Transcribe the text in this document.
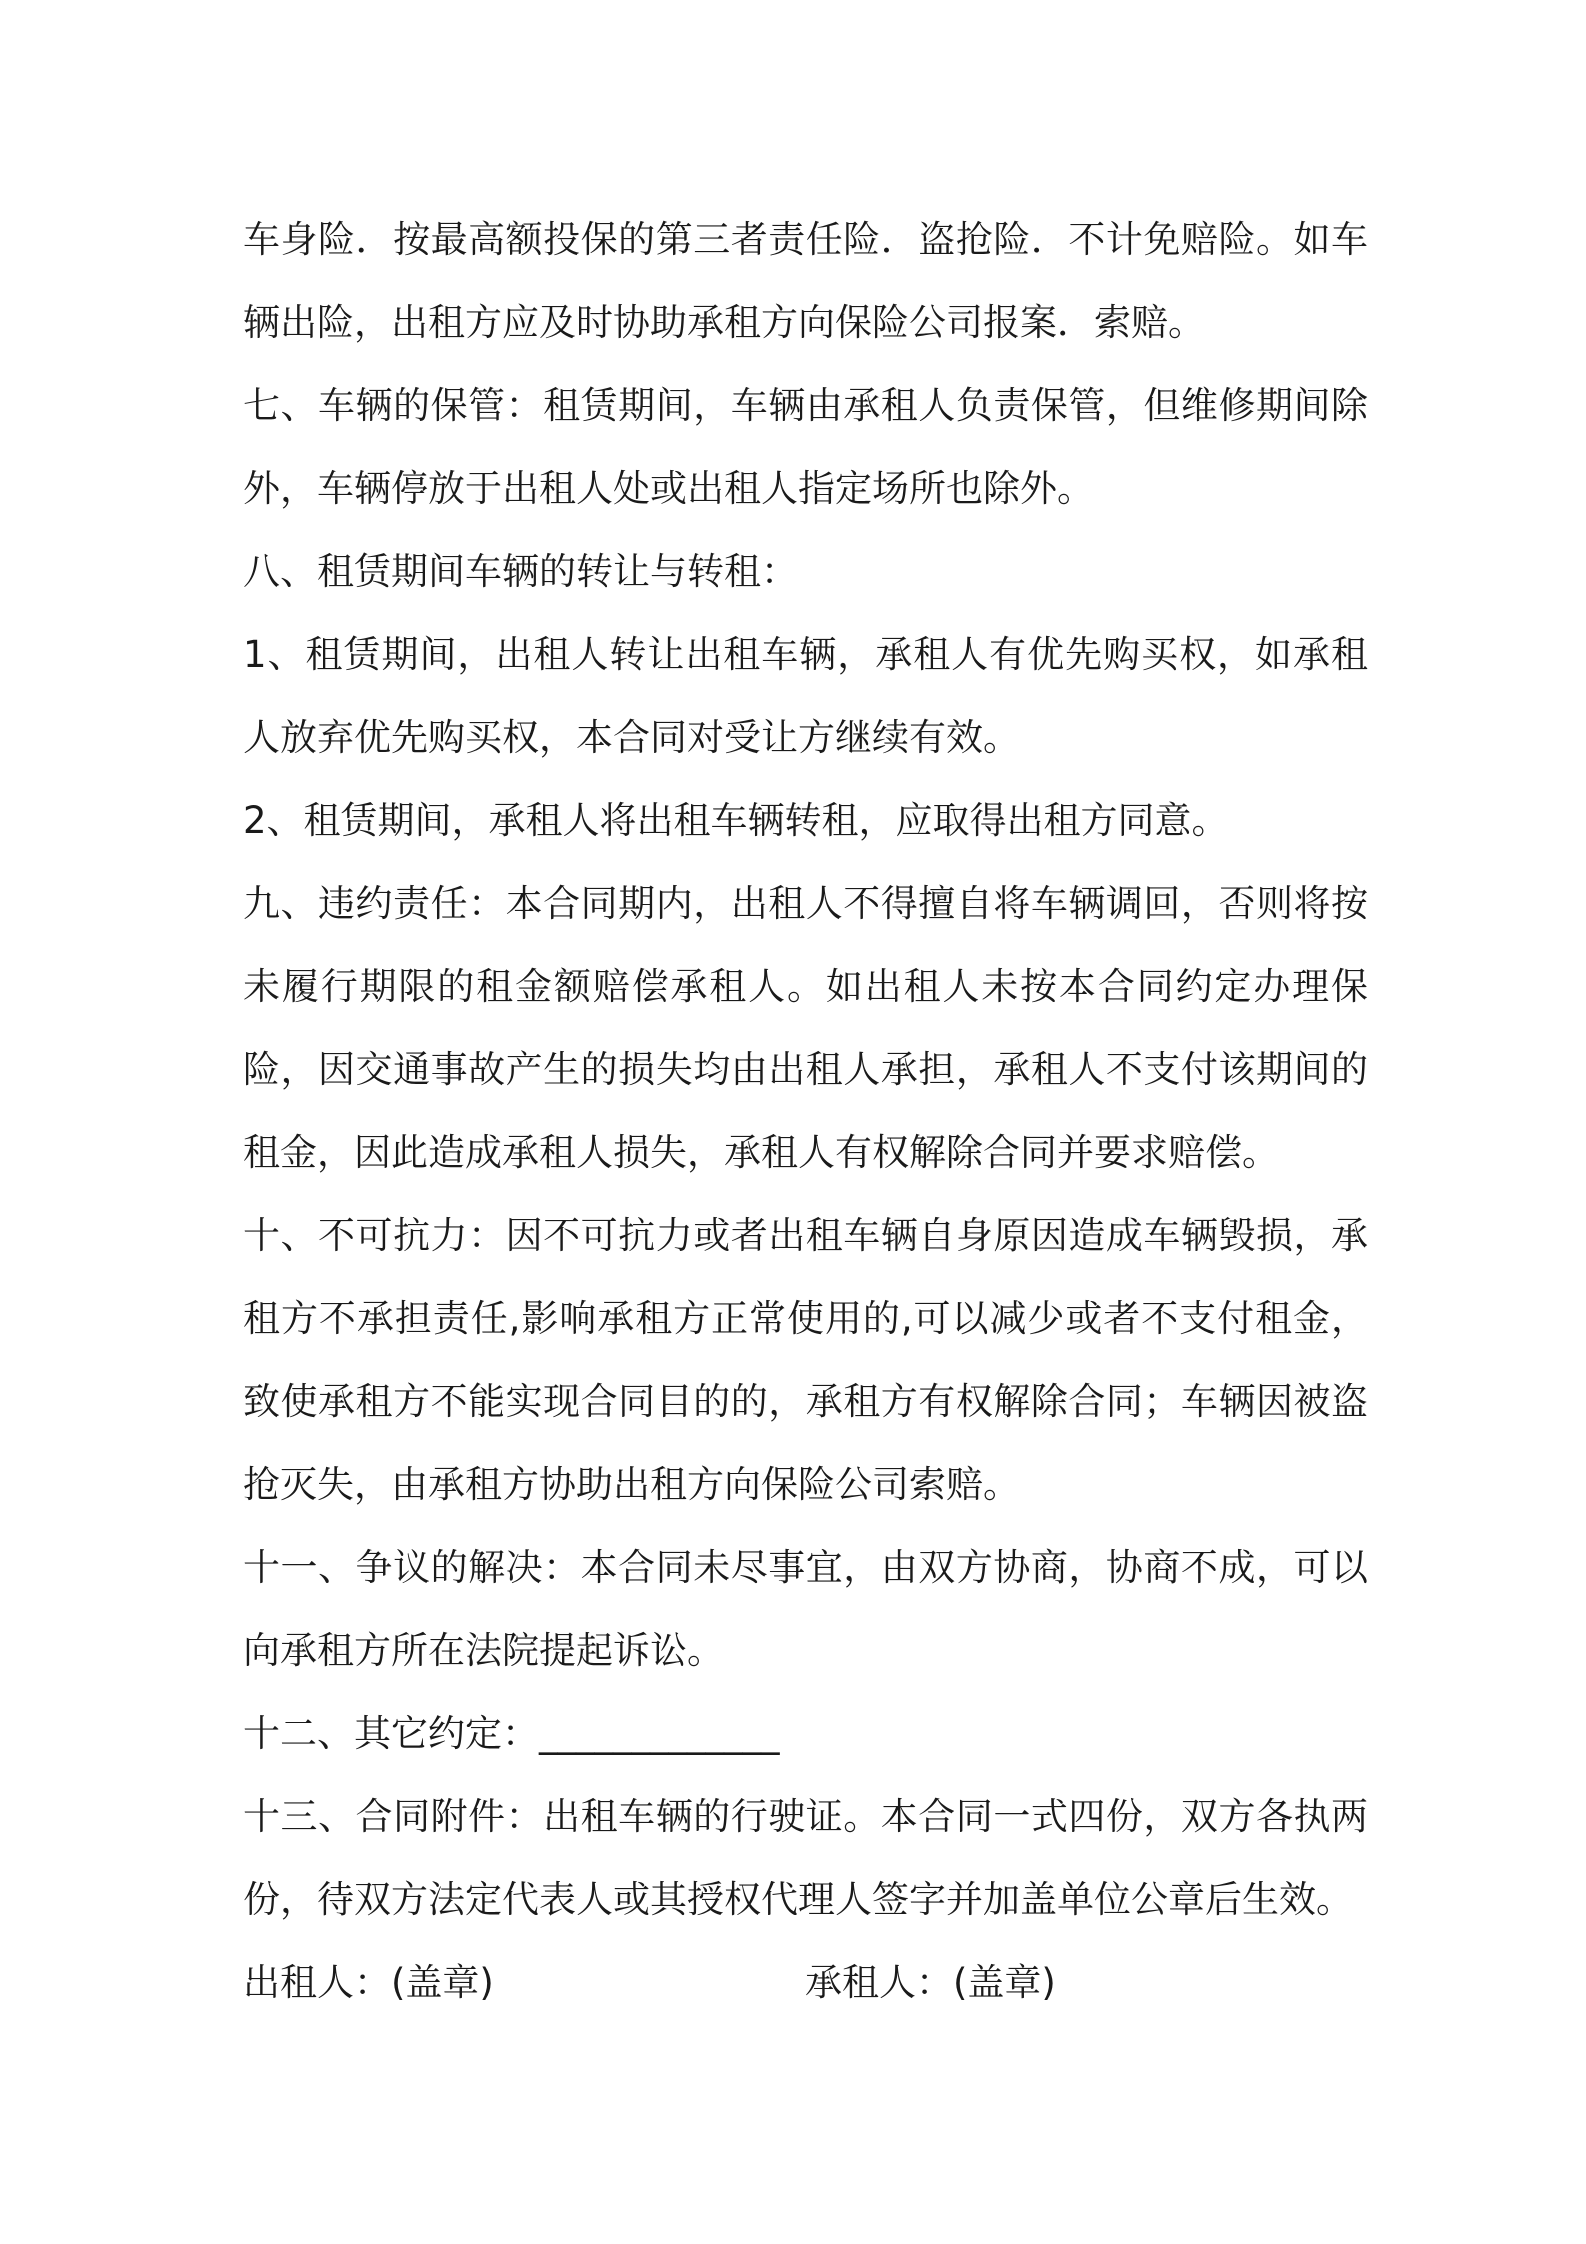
车身险．按最高额投保的第三者责任险．盗抢险．不计免赔险。如车辆出险，出租方应及时协助承租方向保险公司报案．索赔。

七、车辆的保管：租赁期间，车辆由承租人负责保管，但维修期间除外，车辆停放于出租人处或出租人指定场所也除外。

八、租赁期间车辆的转让与转租：

1、租赁期间，出租人转让出租车辆，承租人有优先购买权，如承租人放弃优先购买权，本合同对受让方继续有效。

2、租赁期间，承租人将出租车辆转租，应取得出租方同意。

九、违约责任：本合同期内，出租人不得擅自将车辆调回，否则将按未履行期限的租金额赔偿承租人。如出租人未按本合同约定办理保险，因交通事故产生的损失均由出租人承担，承租人不支付该期间的租金，因此造成承租人损失，承租人有权解除合同并要求赔偿。

十、不可抗力：因不可抗力或者出租车辆自身原因造成车辆毁损，承租方不承担责任,影响承租方正常使用的,可以减少或者不支付租金，致使承租方不能实现合同目的的，承租方有权解除合同；车辆因被盗抢灭失，由承租方协助出租方向保险公司索赔。

十一、争议的解决：本合同未尽事宜，由双方协商，协商不成，可以向承租方所在法院提起诉讼。

十二、其它约定：_____________

十三、合同附件：出租车辆的行驶证。本合同一式四份，双方各执两份，待双方法定代表人或其授权代理人签字并加盖单位公章后生效。

出租人：(盖章)	承租人：(盖章)
